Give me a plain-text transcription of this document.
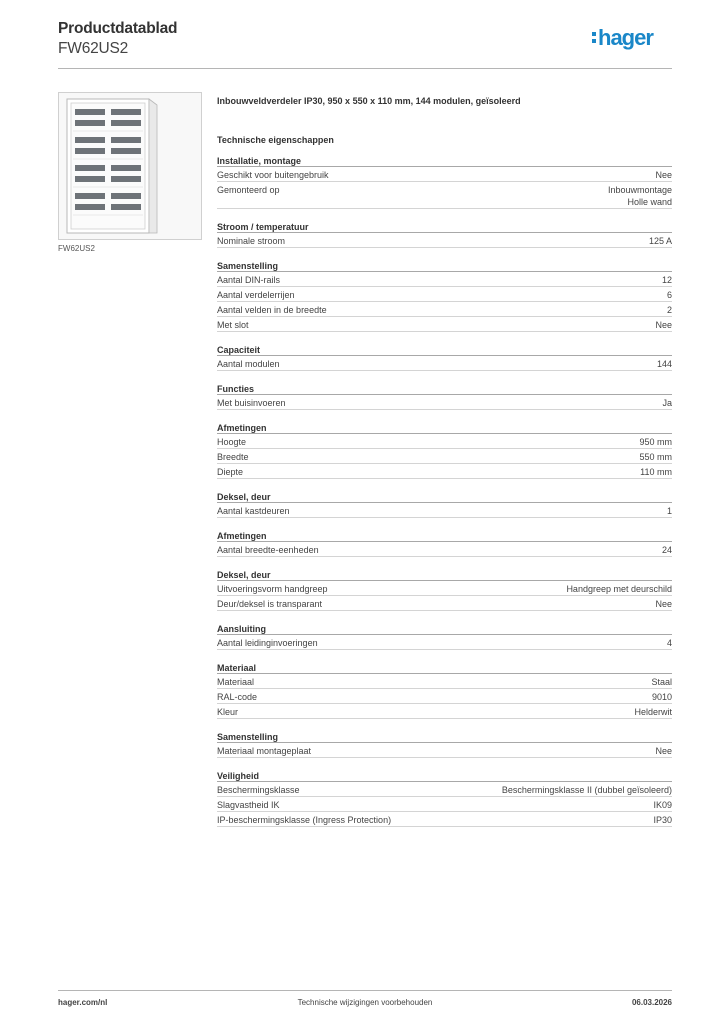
Productdatablad
FW62US2	hager
FW62US2
Inbouwveldverdeler IP30, 950 x 550 x 110 mm, 144 modulen, geïsoleerd
Technische eigenschappen
Installatie, montage
Geschikt voor buitengebruik	Nee
Gemonteerd op	Inbouwmontage
Holle wand
Stroom / temperatuur
Nominale stroom	125 A
Samenstelling
Aantal DIN-rails	12
Aantal verdelerrijen	6
Aantal velden in de breedte	2
Met slot	Nee
Capaciteit
Aantal modulen	144
Functies
Met buisinvoeren	Ja
Afmetingen
Hoogte	950 mm
Breedte	550 mm
Diepte	110 mm
Deksel, deur
Aantal kastdeuren	1
Afmetingen
Aantal breedte-eenheden	24
Deksel, deur
Uitvoeringsvorm handgreep	Handgreep met deurschild
Deur/deksel is transparant	Nee
Aansluiting
Aantal leidinginvoeringen	4
Materiaal
Materiaal	Staal
RAL-code	9010
Kleur	Helderwit
Samenstelling
Materiaal montageplaat	Nee
Veiligheid
Beschermingsklasse	Beschermingsklasse II (dubbel geïsoleerd)
Slagvastheid IK	IK09
IP-beschermingsklasse (Ingress Protection)	IP30
hager.com/nl	Technische wijzigingen voorbehouden	06.03.2026
